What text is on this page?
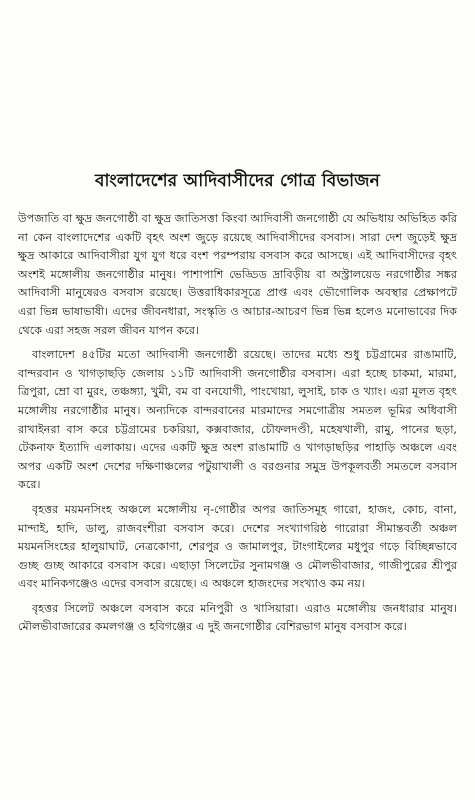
বাংলাদেশের আদিবাসীদের গোত্র বিভাজন

উপজাতি বা ক্ষুদ্র জনগোষ্ঠী বা ক্ষুদ্র জাতিসত্তা কিংবা আদিবাসী জনগোষ্ঠী যে অভিধায় অভিহিত করি না কেন বাংলাদেশের একটি বৃহৎ অংশ জুড়ে রয়েছে আদিবাসীদের বসবাস। সারা দেশ জুড়েই ক্ষুদ্র ক্ষুদ্র আকারে আদিবাসীরা যুগ যুগ ধরে বংশ পরম্পরায় বসবাস করে আসছে। এই আদিবাসীদের বৃহৎ অংশই মঙ্গোলীয় জনগোষ্ঠীর মানুষ। পাশাপাশি ভেড্ডিড দ্রাবিড়ীয় বা অস্ট্রালয়েড নরগোষ্ঠীর সঙ্কর আদিবাসী মানুষেরও বসবাস রয়েছে। উত্তরাধিকারসূত্রে প্রাপ্ত এবং ভৌগোলিক অবস্থার প্রেক্ষাপটে এরা ভিন্ন ভাষাভাষী। এদের জীবনধারা, সংস্কৃতি ও আচার-আচরণ ভিন্ন ভিন্ন হলেও মনোভাবের দিক থেকে এরা সহজ সরল জীবন যাপন করে।

বাংলাদেশ ৪৫টির মতো আদিবাসী জনগোষ্ঠী রয়েছে। তাদের মধ্যে শুধু চট্টগ্রামের রাঙামাটি, বান্দরবান ও খাগড়াছড়ি জেলায় ১১টি আদিবাসী জনগোষ্ঠীর বসবাস। এরা হচ্ছে চাকমা, মারমা, ত্রিপুরা, ম্রো বা মুরং, তঞ্চঙ্গ্যা, খুমী, বম বা বনযোগী, পাংখোয়া, লুসাই, চাক ও খ্যাং। এরা মূলত বৃহৎ মঙ্গোলীয় নরগোষ্ঠীর মানুষ। অন্যদিকে বান্দরবানের মারমাদের সমগোত্রীয় সমতল ভূমির অধিবাসী রাখাইনরা বাস করে চট্টগ্রামের চকরিয়া, কক্সবাজার, চৌফলদণ্ডী, মহেষখালী, রামু, পানের ছড়া, টেকনাফ ইত্যাদি এলাকায়। এদের একটি ক্ষুদ্র অংশ রাঙামাটি ও খাগড়াছড়ির পাহাড়ি অঞ্চলে এবং অপর একটি অংশ দেশের দক্ষিণাঞ্চলের পটুয়াখালী ও বরগুনার সমুদ্র উপকূলবর্তী সমতলে বসবাস করে।

বৃহত্তর ময়মনসিংহ অঞ্চলে মঙ্গোলীয় নৃ-গোষ্ঠীর অপর জাতিসমূহ গারো, হাজং, কোচ, বানা, মান্দাই, হাদি, ডালু, রাজবংশীরা বসবাস করে। দেশের সংখ্যাগরিষ্ঠ গারোরা সীমান্তবর্তী অঞ্চল ময়মনসিংহের হালুয়াঘাট, নেত্রকোণা, শেরপুর ও জামালপুর, টাংগাইলের মধুপুর গড়ে বিচ্ছিন্নভাবে গুচ্ছ গুচ্ছ আকারে বসবাস করে। এছাড়া সিলেটের সুনামগঞ্জ ও মৌলভীবাজার, গাজীপুরের শ্রীপুর এবং মানিকগঞ্জেও এদের বসবাস রয়েছে। এ অঞ্চলে হাজংদের সংখ্যাও কম নয়।

বৃহত্তর সিলেট অঞ্চলে বসবাস করে মনিপুরী ও খাসিয়ারা। এরাও মঙ্গোলীয় জনধারার মানুষ। মৌলভীবাজারের কমলগঞ্জ ও হবিগঞ্জের এ দুই জনগোষ্ঠীর বেশিরভাগ মানুষ বসবাস করে।
